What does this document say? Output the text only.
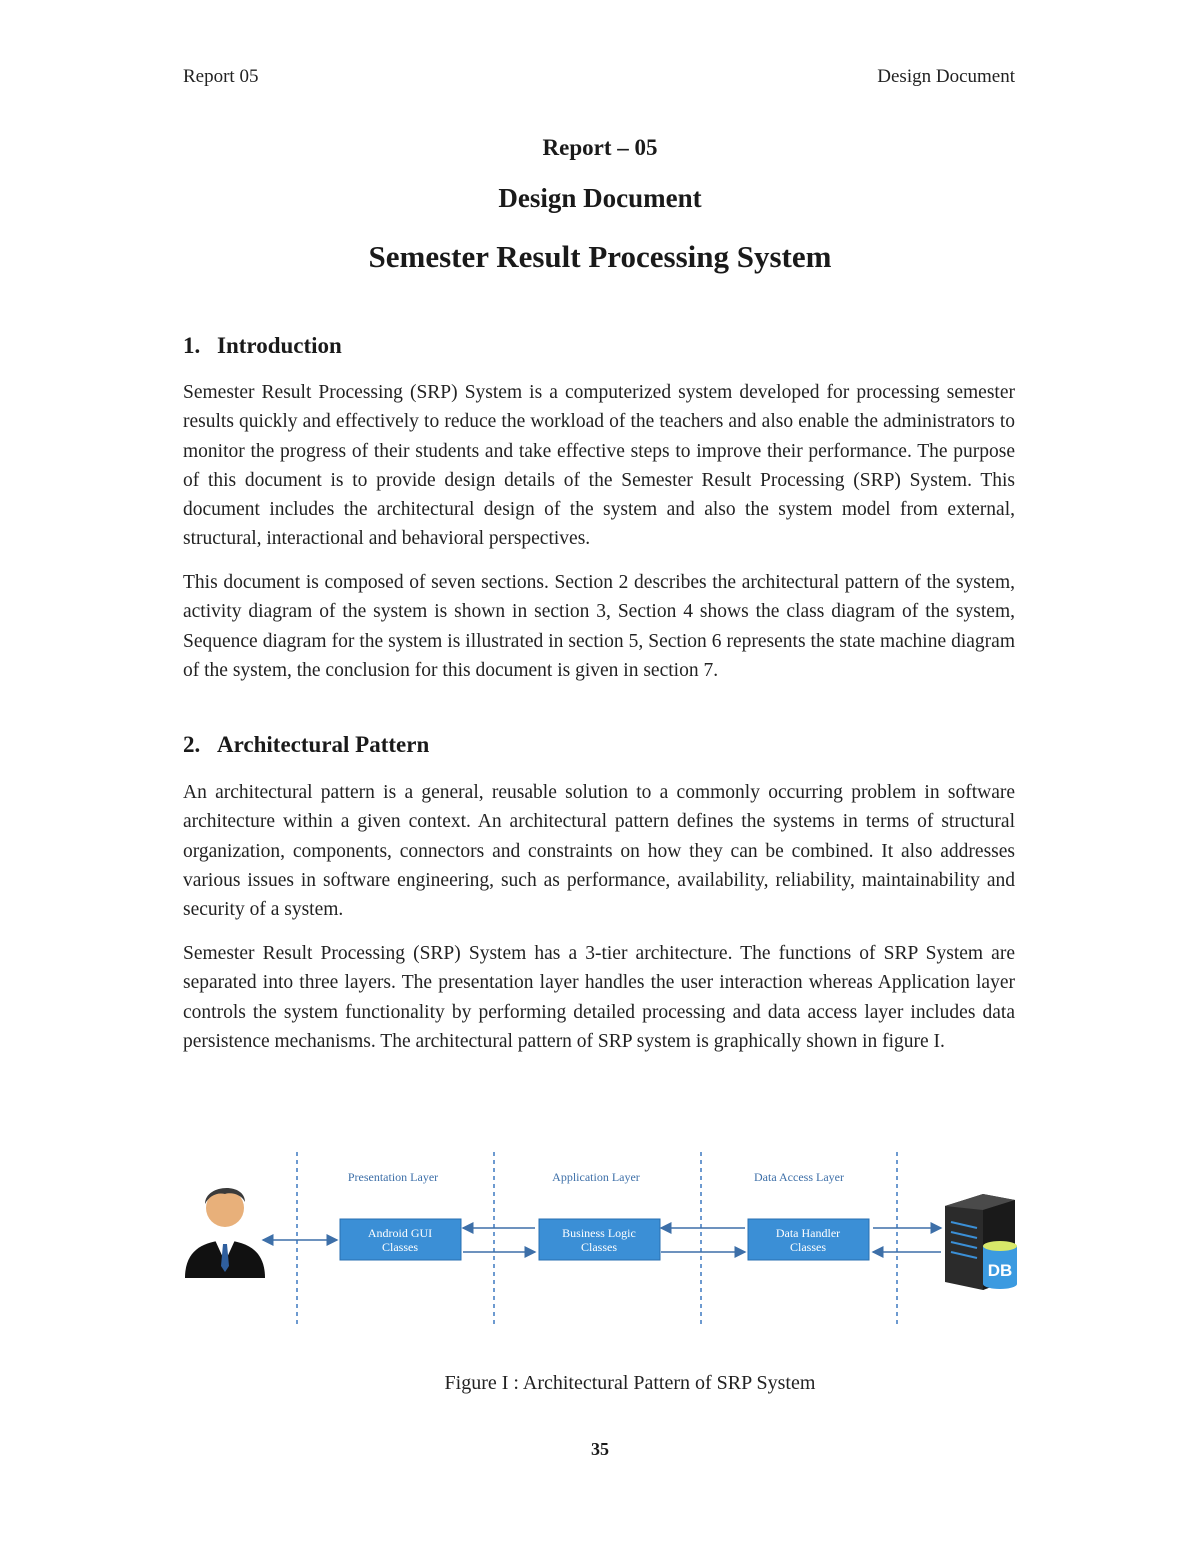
Report 05	Design Document
Report – 05
Design Document
Semester Result Processing System
1. Introduction

Semester Result Processing (SRP) System is a computerized system developed for processing semester results quickly and effectively to reduce the workload of the teachers and also enable the administrators to monitor the progress of their students and take effective steps to improve their performance. The purpose of this document is to provide design details of the Semester Result Processing (SRP) System. This document includes the architectural design of the system and also the system model from external, structural, interactional and behavioral perspectives.

This document is composed of seven sections. Section 2 describes the architectural pattern of the system, activity diagram of the system is shown in section 3, Section 4 shows the class diagram of the system, Sequence diagram for the system is illustrated in section 5, Section 6 represents the state machine diagram of the system, the conclusion for this document is given in section 7.

2. Architectural Pattern

An architectural pattern is a general, reusable solution to a commonly occurring problem in software architecture within a given context. An architectural pattern defines the systems in terms of structural organization, components, connectors and constraints on how they can be combined. It also addresses various issues in software engineering, such as performance, availability, reliability, maintainability and security of a system.

Semester Result Processing (SRP) System has a 3-tier architecture. The functions of SRP System are separated into three layers. The presentation layer handles the user interaction whereas Application layer controls the system functionality by performing detailed processing and data access layer includes data persistence mechanisms. The architectural pattern of SRP system is graphically shown in figure I.

Presentation Layer	Application Layer	Data Access Layer
DB
Android GUI
Classes
Business Logic
Classes
Data Handler
Classes
Figure I : Architectural Pattern of SRP System
35
